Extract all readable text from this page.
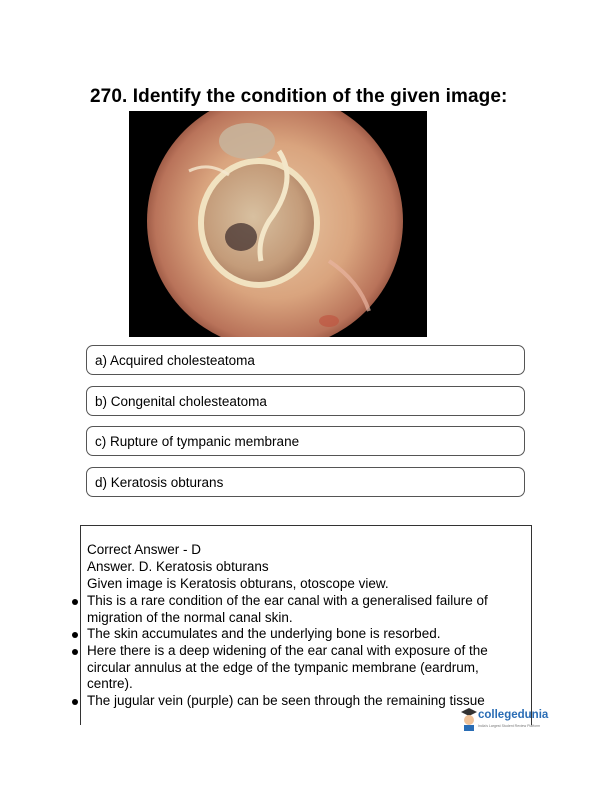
270. Identify the condition of the given image:
a) Acquired cholesteatoma
b) Congenital cholesteatoma
c) Rupture of tympanic membrane
d) Keratosis obturans
Correct Answer - D
Answer. D. Keratosis obturans
Given image is Keratosis obturans, otoscope view.
This is a rare condition of the ear canal with a generalised failure of migration of the normal canal skin.
The skin accumulates and the underlying bone is resorbed.
Here there is a deep widening of the ear canal with exposure of the circular annulus at the edge of the tympanic membrane (eardrum, centre).
The jugular vein (purple) can be seen through the remaining tissue
collegedunia
India's Largest Student Review Platform
